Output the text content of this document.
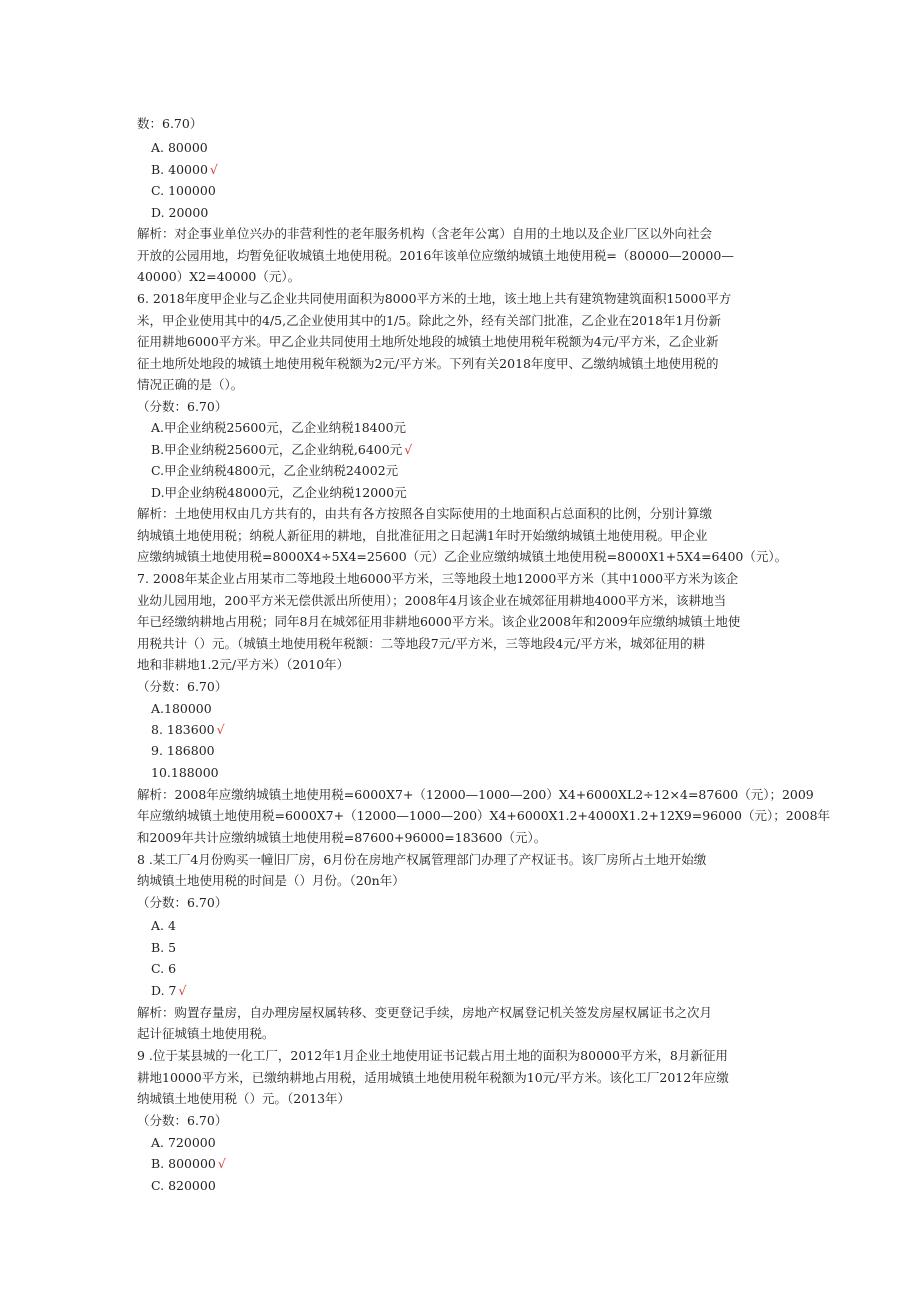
数：6.70）
A. 80000
B. 40000 √
C. 100000
D. 20000
解析：对企事业单位兴办的非营利性的老年服务机构（含老年公寓）自用的土地以及企业厂区以外向社会
开放的公园用地，均暂免征收城镇土地使用税。2016年该单位应缴纳城镇土地使用税=（80000—20000—
40000）X2=40000（元）。
6. 2018年度甲企业与乙企业共同使用面积为8000平方米的土地，该土地上共有建筑物建筑面积15000平方
米，甲企业使用其中的4/5,乙企业使用其中的1/5。除此之外，经有关部门批准，乙企业在2018年1月份新
征用耕地6000平方米。甲乙企业共同使用土地所处地段的城镇土地使用税年税额为4元/平方米，乙企业新
征土地所处地段的城镇土地使用税年税额为2元/平方米。下列有关2018年度甲、乙缴纳城镇土地使用税的
情况正确的是（）。
（分数：6.70）
A.甲企业纳税25600元，乙企业纳税18400元
B.甲企业纳税25600元，乙企业纳税,6400元 √
C.甲企业纳税4800元，乙企业纳税24002元
D.甲企业纳税48000元，乙企业纳税12000元
解析：土地使用权由几方共有的，由共有各方按照各自实际使用的土地面积占总面积的比例，分别计算缴
纳城镇土地使用税；纳税人新征用的耕地，自批准征用之日起满1年时开始缴纳城镇土地使用税。甲企业
应缴纳城镇土地使用税=8000X4÷5X4=25600（元）乙企业应缴纳城镇土地使用税=8000X1+5X4=6400（元）。
7. 2008年某企业占用某市二等地段土地6000平方米，三等地段土地12000平方米（其中1000平方米为该企
业幼儿园用地，200平方米无偿供派出所使用）；2008年4月该企业在城郊征用耕地4000平方米，该耕地当
年已经缴纳耕地占用税；同年8月在城郊征用非耕地6000平方米。该企业2008年和2009年应缴纳城镇土地使
用税共计（）元。（城镇土地使用税年税额：二等地段7元/平方米，三等地段4元/平方米，城郊征用的耕
地和非耕地1.2元/平方米）（2010年）
（分数：6.70）
A.180000
8. 183600 √
9. 186800
10.188000
解析：2008年应缴纳城镇土地使用税=6000X7+（12000—1000—200）X4+6000XL2÷12×4=87600（元）；2009
年应缴纳城镇土地使用税=6000X7+（12000—1000—200）X4+6000X1.2+4000X1.2+12X9=96000（元）；2008年
和2009年共计应缴纳城镇土地使用税=87600+96000=183600（元）。
8 .某工厂4月份购买一幢旧厂房，6月份在房地产权属管理部门办理了产权证书。该厂房所占土地开始缴
纳城镇土地使用税的时间是（）月份。（20n年）
（分数：6.70）
A. 4
B. 5
C. 6
D. 7 √
解析：购置存量房，自办理房屋权属转移、变更登记手续，房地产权属登记机关签发房屋权属证书之次月
起计征城镇土地使用税。
9 .位于某县城的一化工厂，2012年1月企业土地使用证书记载占用土地的面积为80000平方米，8月新征用
耕地10000平方米，已缴纳耕地占用税，适用城镇土地使用税年税额为10元/平方米。该化工厂2012年应缴
纳城镇土地使用税（）元。（2013年）
（分数：6.70）
A. 720000
B. 800000 √
C. 820000
